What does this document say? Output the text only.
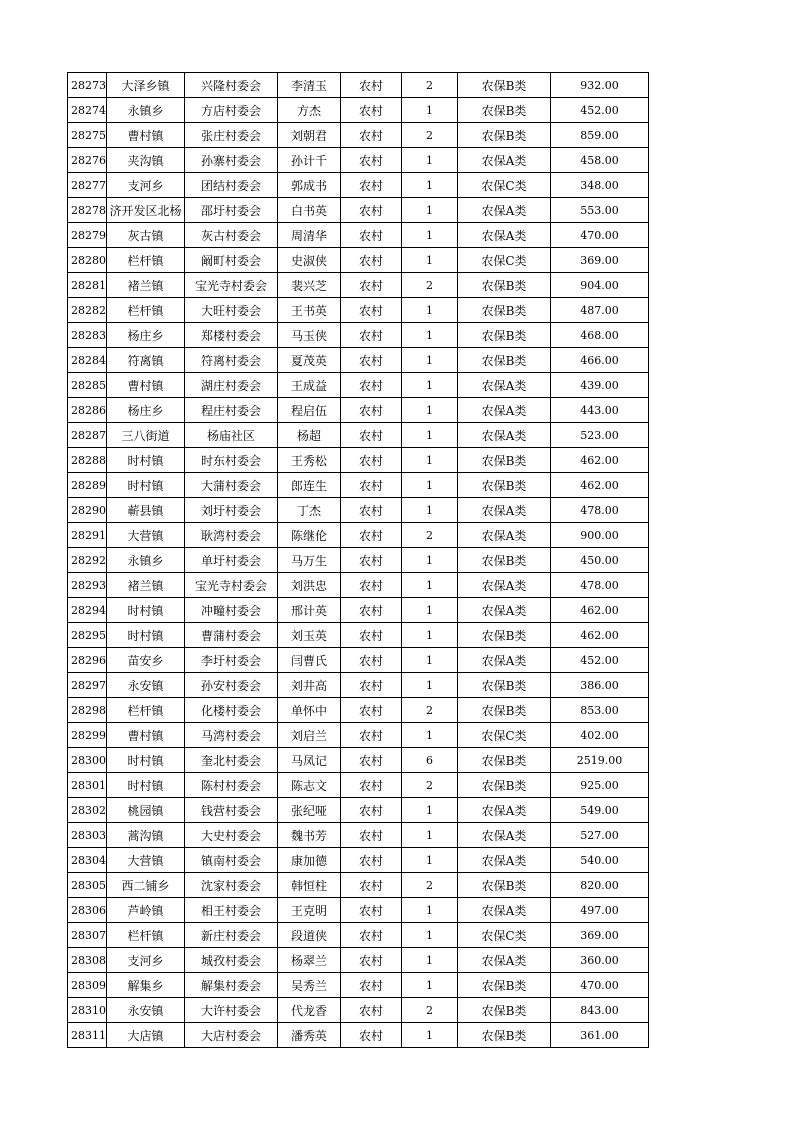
28273	大泽乡镇	兴隆村委会	李清玉	农村	2	农保B类	932.00
28274	永镇乡	方店村委会	方杰	农村	1	农保B类	452.00
28275	曹村镇	张庄村委会	刘朝君	农村	2	农保B类	859.00
28276	夹沟镇	孙寨村委会	孙计千	农村	1	农保A类	458.00
28277	支河乡	团结村委会	郭成书	农村	1	农保C类	348.00
28278	济开发区北杨	邵圩村委会	白书英	农村	1	农保A类	553.00
28279	灰古镇	灰古村委会	周清华	农村	1	农保A类	470.00
28280	栏杆镇	阚町村委会	史淑侠	农村	1	农保C类	369.00
28281	褚兰镇	宝光寺村委会	裴兴芝	农村	2	农保B类	904.00
28282	栏杆镇	大旺村委会	王书英	农村	1	农保B类	487.00
28283	杨庄乡	郑楼村委会	马玉侠	农村	1	农保B类	468.00
28284	符离镇	符离村委会	夏茂英	农村	1	农保B类	466.00
28285	曹村镇	湖庄村委会	王成益	农村	1	农保A类	439.00
28286	杨庄乡	程庄村委会	程启伍	农村	1	农保A类	443.00
28287	三八街道	杨庙社区	杨超	农村	1	农保A类	523.00
28288	时村镇	时东村委会	王秀松	农村	1	农保B类	462.00
28289	时村镇	大蒲村委会	郎连生	农村	1	农保B类	462.00
28290	蕲县镇	刘圩村委会	丁杰	农村	1	农保A类	478.00
28291	大营镇	耿湾村委会	陈继伦	农村	2	农保A类	900.00
28292	永镇乡	单圩村委会	马万生	农村	1	农保B类	450.00
28293	褚兰镇	宝光寺村委会	刘洪忠	农村	1	农保A类	478.00
28294	时村镇	冲疃村委会	邢计英	农村	1	农保A类	462.00
28295	时村镇	曹蒲村委会	刘玉英	农村	1	农保B类	462.00
28296	苗安乡	李圩村委会	闫曹氏	农村	1	农保A类	452.00
28297	永安镇	孙安村委会	刘井高	农村	1	农保B类	386.00
28298	栏杆镇	化楼村委会	单怀中	农村	2	农保B类	853.00
28299	曹村镇	马湾村委会	刘启兰	农村	1	农保C类	402.00
28300	时村镇	奎北村委会	马凤记	农村	6	农保B类	2519.00
28301	时村镇	陈村村委会	陈志文	农村	2	农保B类	925.00
28302	桃园镇	钱营村委会	张纪哑	农村	1	农保A类	549.00
28303	蒿沟镇	大史村委会	魏书芳	农村	1	农保A类	527.00
28304	大营镇	镇南村委会	康加德	农村	1	农保A类	540.00
28305	西二铺乡	沈家村委会	韩恒柱	农村	2	农保B类	820.00
28306	芦岭镇	相王村委会	王克明	农村	1	农保A类	497.00
28307	栏杆镇	新庄村委会	段道侠	农村	1	农保C类	369.00
28308	支河乡	城孜村委会	杨翠兰	农村	1	农保A类	360.00
28309	解集乡	解集村委会	吴秀兰	农村	1	农保B类	470.00
28310	永安镇	大许村委会	代龙香	农村	2	农保B类	843.00
28311	大店镇	大店村委会	潘秀英	农村	1	农保B类	361.00
